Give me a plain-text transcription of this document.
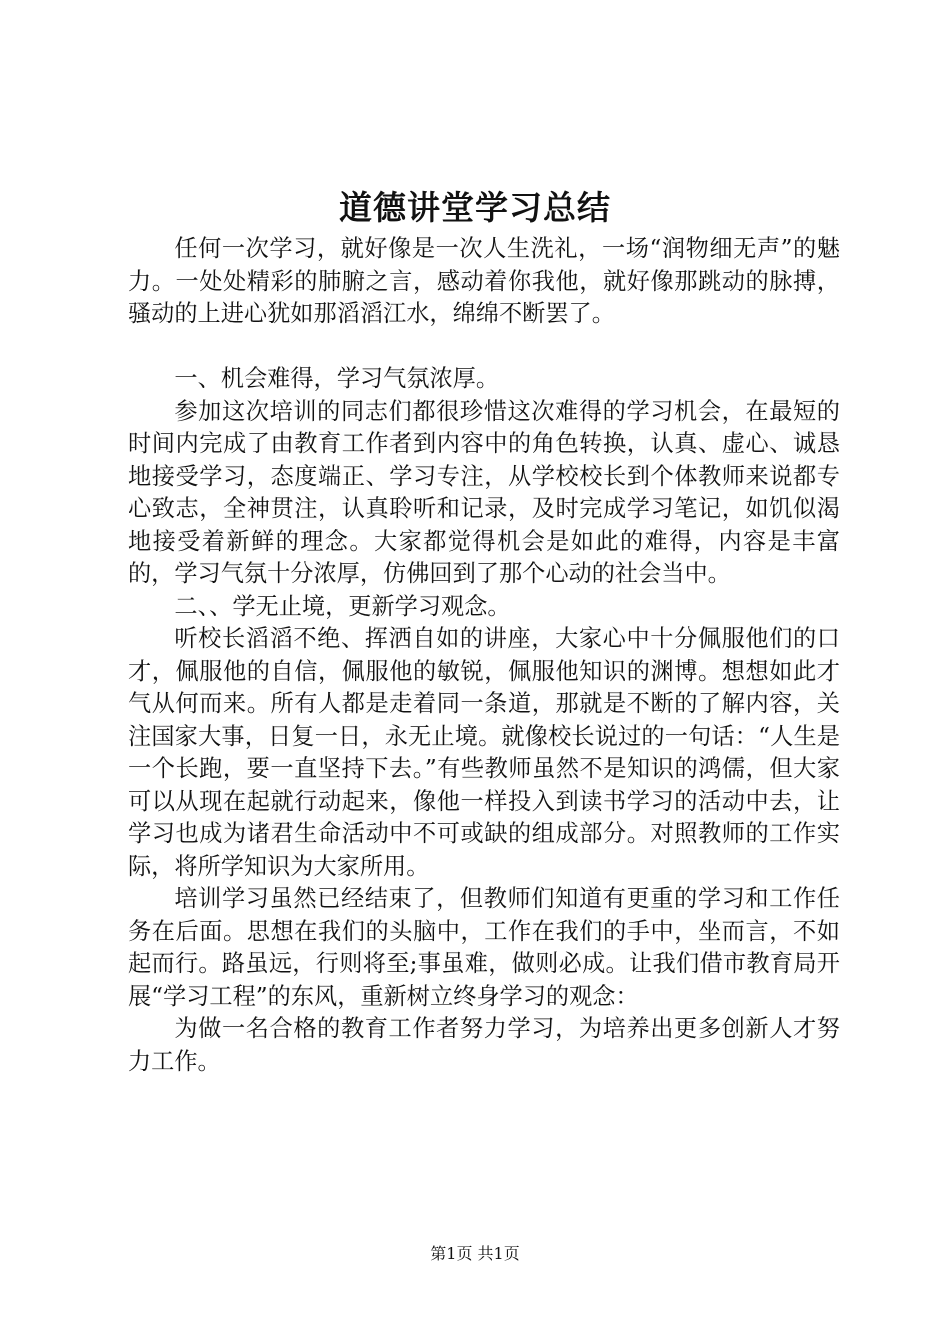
道德讲堂学习总结

任何一次学习，就好像是一次人生洗礼，一场“润物细无声”的魅力。一处处精彩的肺腑之言，感动着你我他，就好像那跳动的脉搏，骚动的上进心犹如那滔滔江水，绵绵不断罢了。

一、机会难得，学习气氛浓厚。

参加这次培训的同志们都很珍惜这次难得的学习机会，在最短的时间内完成了由教育工作者到内容中的角色转换，认真、虚心、诚恳地接受学习，态度端正、学习专注，从学校校长到个体教师来说都专心致志，全神贯注，认真聆听和记录，及时完成学习笔记，如饥似渴地接受着新鲜的理念。大家都觉得机会是如此的难得，内容是丰富的，学习气氛十分浓厚，仿佛回到了那个心动的社会当中。

二、、学无止境，更新学习观念。

听校长滔滔不绝、挥洒自如的讲座，大家心中十分佩服他们的口才，佩服他的自信，佩服他的敏锐，佩服他知识的渊博。想想如此才气从何而来。所有人都是走着同一条道，那就是不断的了解内容，关注国家大事，日复一日，永无止境。就像校长说过的一句话：“人生是一个长跑，要一直坚持下去。”有些教师虽然不是知识的鸿儒，但大家可以从现在起就行动起来，像他一样投入到读书学习的活动中去，让学习也成为诸君生命活动中不可或缺的组成部分。对照教师的工作实际，将所学知识为大家所用。

培训学习虽然已经结束了，但教师们知道有更重的学习和工作任务在后面。思想在我们的头脑中，工作在我们的手中，坐而言，不如起而行。路虽远，行则将至;事虽难，做则必成。让我们借市教育局开展“学习工程”的东风，重新树立终身学习的观念：

为做一名合格的教育工作者努力学习，为培养出更多创新人才努力工作。

第1页 共1页
